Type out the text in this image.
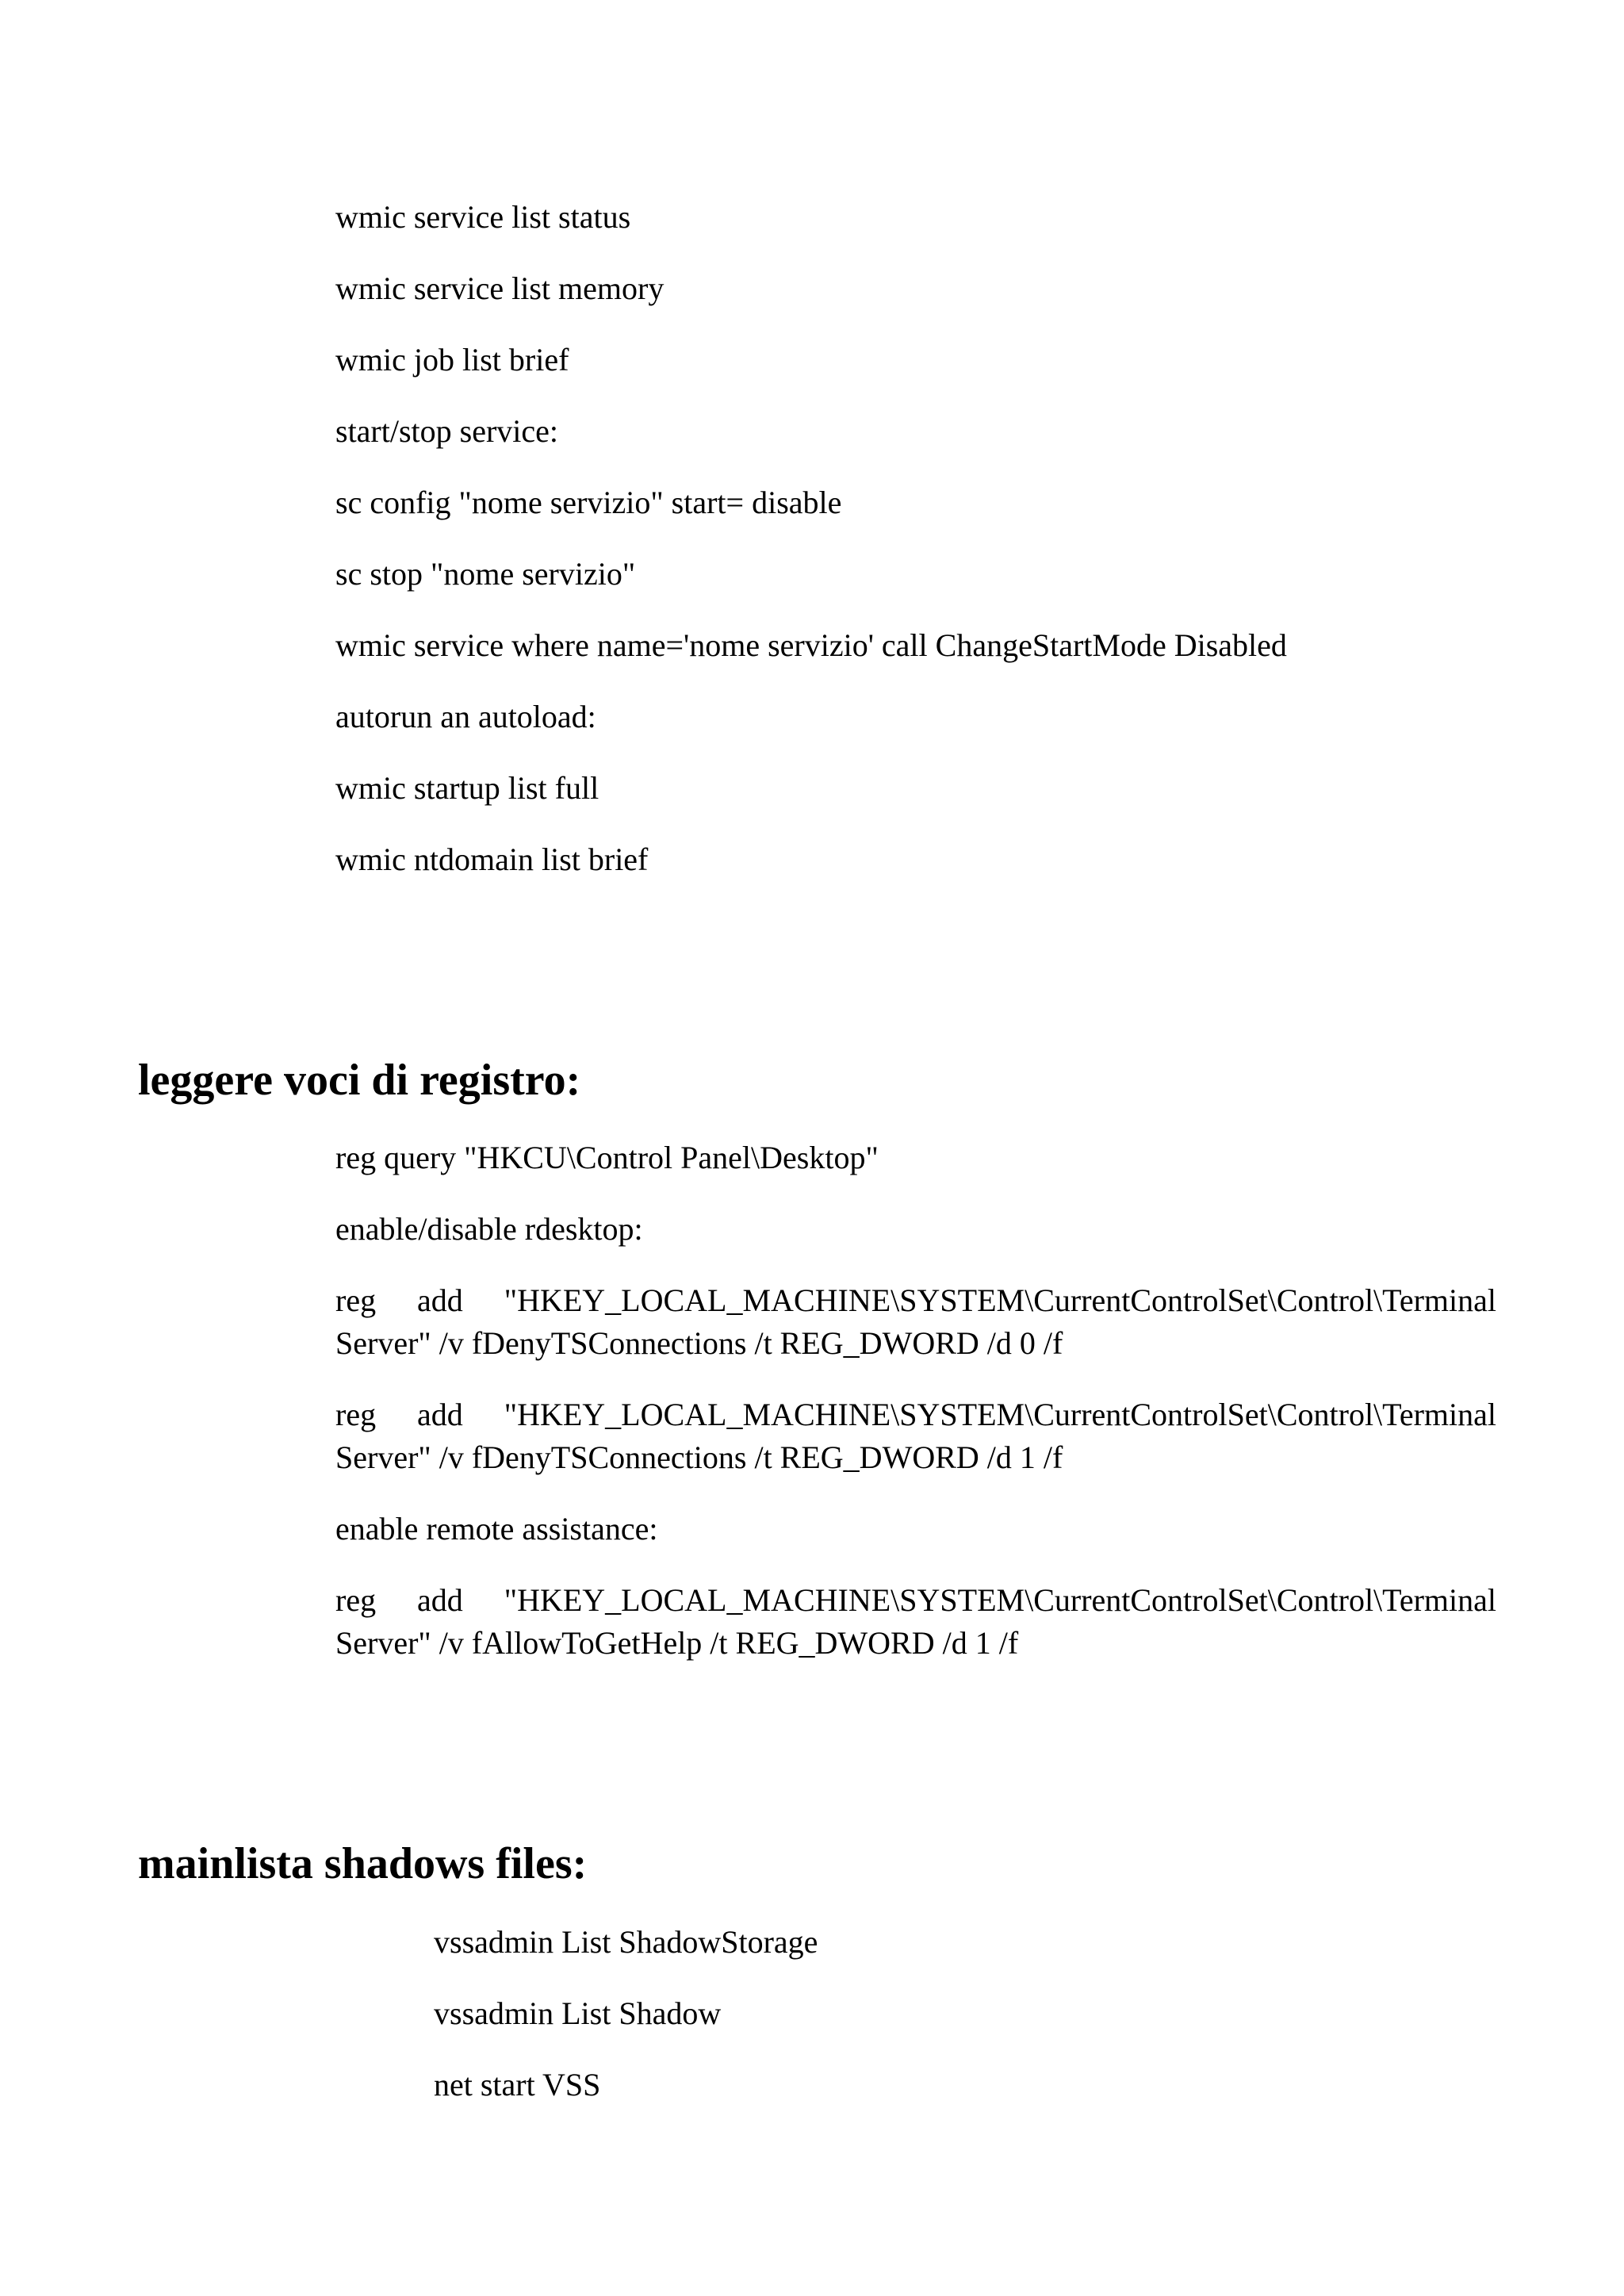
wmic service list status
wmic service list memory
wmic job list brief
start/stop service:
sc config "nome servizio" start= disable
sc stop "nome servizio"
wmic service where name='nome servizio' call ChangeStartMode Disabled
autorun an autoload:
wmic startup list full
wmic ntdomain list brief
leggere voci di registro:
reg query "HKCU\Control Panel\Desktop"
enable/disable rdesktop:
reg add "HKEY_LOCAL_MACHINE\SYSTEM\CurrentControlSet\Control\Terminal
Server" /v fDenyTSConnections /t REG_DWORD /d 0 /f
reg add "HKEY_LOCAL_MACHINE\SYSTEM\CurrentControlSet\Control\Terminal
Server" /v fDenyTSConnections /t REG_DWORD /d 1 /f
enable remote assistance:
reg add "HKEY_LOCAL_MACHINE\SYSTEM\CurrentControlSet\Control\Terminal
Server" /v fAllowToGetHelp /t REG_DWORD /d 1 /f
mainlista shadows files:
vssadmin List ShadowStorage
vssadmin List Shadow
net start VSS
